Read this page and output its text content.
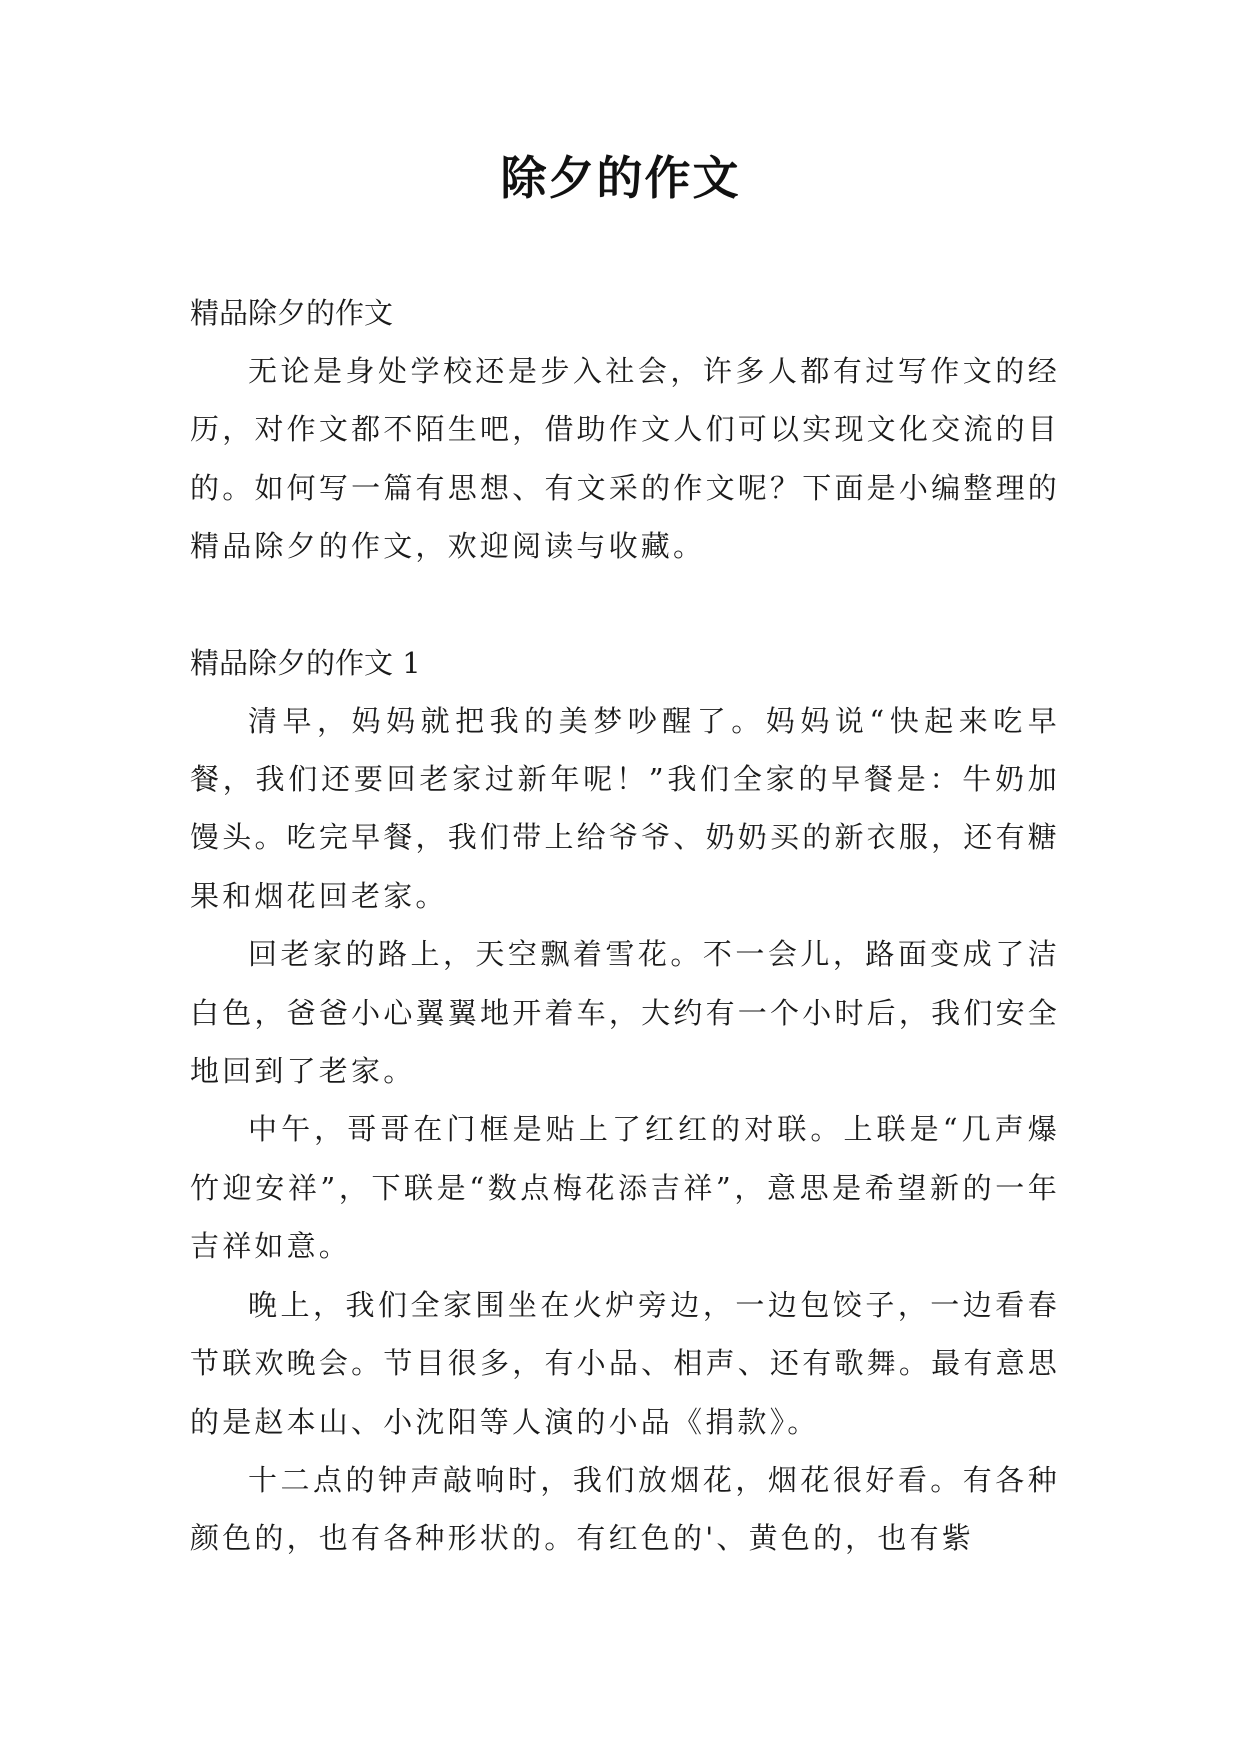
除夕的作文

精品除夕的作文

无论是身处学校还是步入社会，许多人都有过写作文的经历，对作文都不陌生吧，借助作文人们可以实现文化交流的目的。如何写一篇有思想、有文采的作文呢？下面是小编整理的精品除夕的作文，欢迎阅读与收藏。

精品除夕的作文 1

清早，妈妈就把我的美梦吵醒了。妈妈说“快起来吃早餐，我们还要回老家过新年呢！”我们全家的早餐是：牛奶加馒头。吃完早餐，我们带上给爷爷、奶奶买的新衣服，还有糖果和烟花回老家。

回老家的路上，天空飘着雪花。不一会儿，路面变成了洁白色，爸爸小心翼翼地开着车，大约有一个小时后，我们安全地回到了老家。

中午，哥哥在门框是贴上了红红的对联。上联是“几声爆竹迎安祥”，下联是“数点梅花添吉祥”，意思是希望新的一年吉祥如意。

晚上，我们全家围坐在火炉旁边，一边包饺子，一边看春节联欢晚会。节目很多，有小品、相声、还有歌舞。最有意思的是赵本山、小沈阳等人演的小品《捐款》。

十二点的钟声敲响时，我们放烟花，烟花很好看。有各种颜色的，也有各种形状的。有红色的'、黄色的，也有紫
